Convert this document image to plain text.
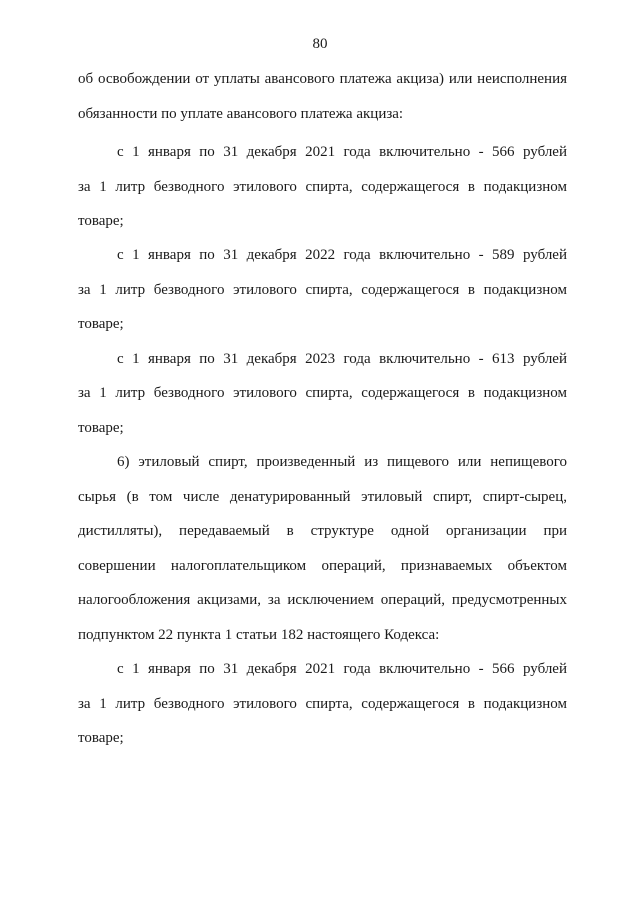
80
об освобождении от уплаты авансового платежа акциза) или неисполнения
обязанности по уплате авансового платежа акциза:
с 1 января по 31 декабря 2021 года включительно - 566 рублей
за 1 литр безводного этилового спирта, содержащегося в подакцизном
товаре;
с 1 января по 31 декабря 2022 года включительно - 589 рублей
за 1 литр безводного этилового спирта, содержащегося в подакцизном
товаре;
с 1 января по 31 декабря 2023 года включительно - 613 рублей
за 1 литр безводного этилового спирта, содержащегося в подакцизном
товаре;
6) этиловый спирт, произведенный из пищевого или непищевого
сырья (в том числе денатурированный этиловый спирт, спирт-сырец,
дистилляты), передаваемый в структуре одной организации при
совершении налогоплательщиком операций, признаваемых объектом
налогообложения акцизами, за исключением операций, предусмотренных
подпунктом 22 пункта 1 статьи 182 настоящего Кодекса:
с 1 января по 31 декабря 2021 года включительно - 566 рублей
за 1 литр безводного этилового спирта, содержащегося в подакцизном
товаре;
